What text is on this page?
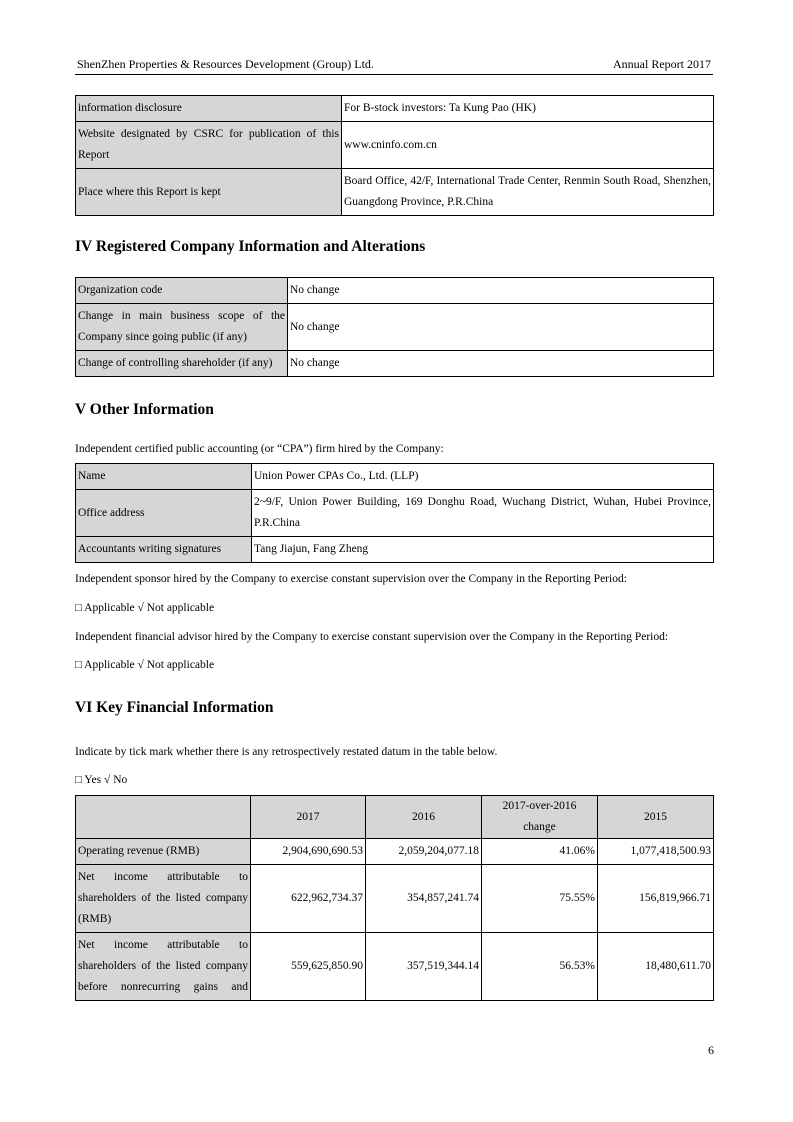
ShenZhen Properties & Resources Development (Group) Ltd.	Annual Report 2017
information disclosure	For B-stock investors: Ta Kung Pao (HK)
Website designated by CSRC for publication of this Report	www.cninfo.com.cn
Place where this Report is kept	Board Office, 42/F, International Trade Center, Renmin South Road, Shenzhen, Guangdong Province, P.R.China
IV Registered Company Information and Alterations
Organization code	No change
Change in main business scope of the Company since going public (if any)	No change
Change of controlling shareholder (if any)	No change
V Other Information

Independent certified public accounting (or “CPA”) firm hired by the Company:

Name	Union Power CPAs Co., Ltd. (LLP)
Office address	2~9/F, Union Power Building, 169 Donghu Road, Wuchang District, Wuhan, Hubei Province, P.R.China
Accountants writing signatures	Tang Jiajun, Fang Zheng

Independent sponsor hired by the Company to exercise constant supervision over the Company in the Reporting Period:

□ Applicable √ Not applicable

Independent financial advisor hired by the Company to exercise constant supervision over the Company in the Reporting Period:

□ Applicable √ Not applicable

VI Key Financial Information

Indicate by tick mark whether there is any retrospectively restated datum in the table below.

□ Yes √ No

	2017	2016	2017-over-2016 change	2015
Operating revenue (RMB)	2,904,690,690.53	2,059,204,077.18	41.06%	1,077,418,500.93
Net income attributable to shareholders of the listed company (RMB)	622,962,734.37	354,857,241.74	75.55%	156,819,966.71
Net income attributable to shareholders of the listed company before nonrecurring gains and	559,625,850.90	357,519,344.14	56.53%	18,480,611.70
6
